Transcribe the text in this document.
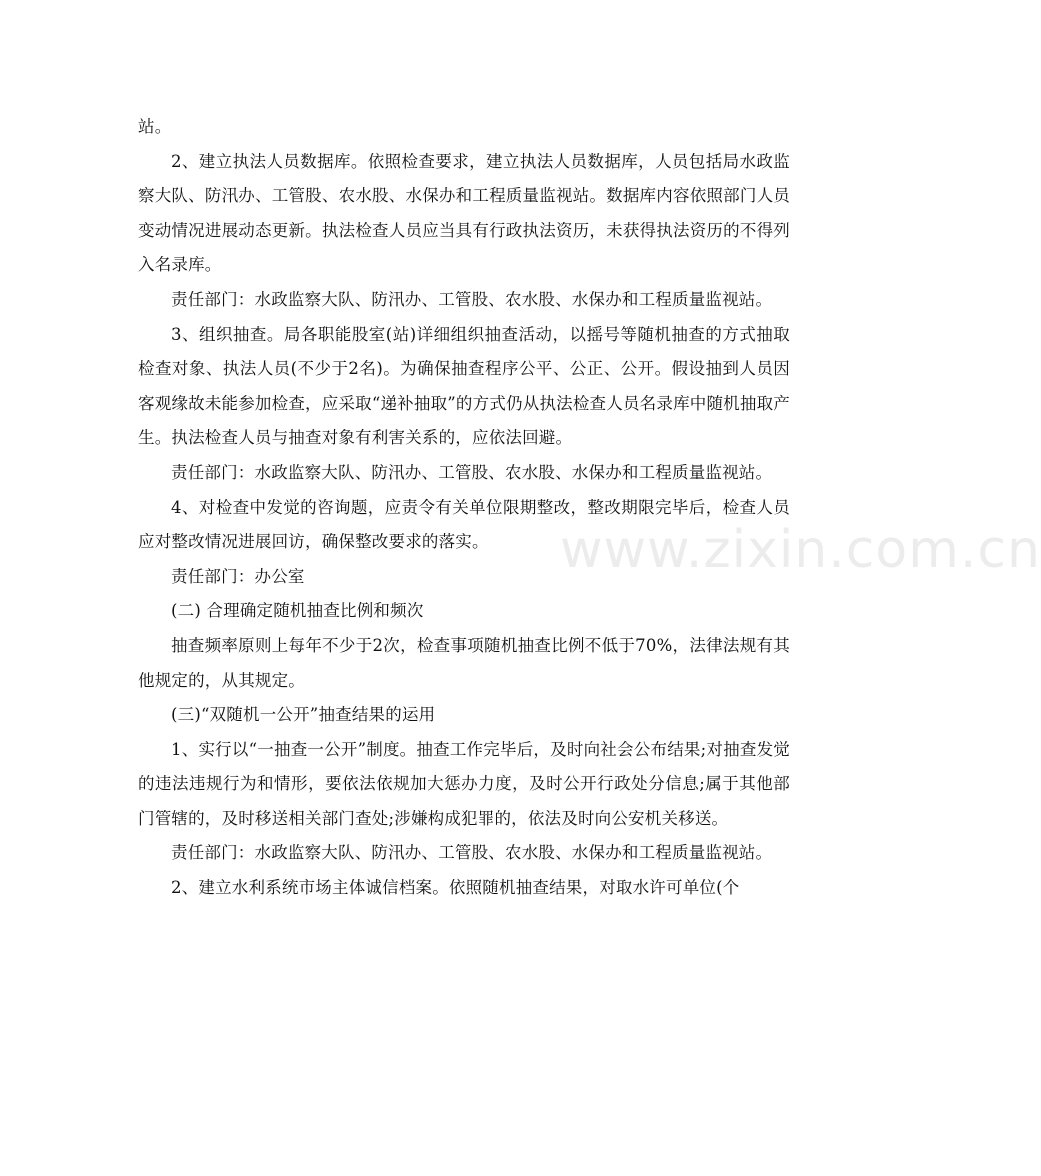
站。

2、建立执法人员数据库。依照检查要求，建立执法人员数据库，人员包括局水政监察大队、防汛办、工管股、农水股、水保办和工程质量监视站。数据库内容依照部门人员变动情况进展动态更新。执法检查人员应当具有行政执法资历，未获得执法资历的不得列入名录库。

责任部门：水政监察大队、防汛办、工管股、农水股、水保办和工程质量监视站。

3、组织抽查。局各职能股室(站)详细组织抽查活动，以摇号等随机抽查的方式抽取检查对象、执法人员(不少于2名)。为确保抽查程序公平、公正、公开。假设抽到人员因客观缘故未能参加检查，应采取“递补抽取”的方式仍从执法检查人员名录库中随机抽取产生。执法检查人员与抽查对象有利害关系的，应依法回避。

责任部门：水政监察大队、防汛办、工管股、农水股、水保办和工程质量监视站。

4、对检查中发觉的咨询题，应责令有关单位限期整改，整改期限完毕后，检查人员应对整改情况进展回访，确保整改要求的落实。

责任部门：办公室

(二) 合理确定随机抽查比例和频次

抽查频率原则上每年不少于2次，检查事项随机抽查比例不低于70%，法律法规有其他规定的，从其规定。

(三)“双随机一公开”抽查结果的运用

1、实行以“一抽查一公开”制度。抽查工作完毕后，及时向社会公布结果;对抽查发觉的违法违规行为和情形，要依法依规加大惩办力度，及时公开行政处分信息;属于其他部门管辖的，及时移送相关部门查处;涉嫌构成犯罪的，依法及时向公安机关移送。

责任部门：水政监察大队、防汛办、工管股、农水股、水保办和工程质量监视站。

2、建立水利系统市场主体诚信档案。依照随机抽查结果，对取水许可单位(个

www.zixin.com.cn
